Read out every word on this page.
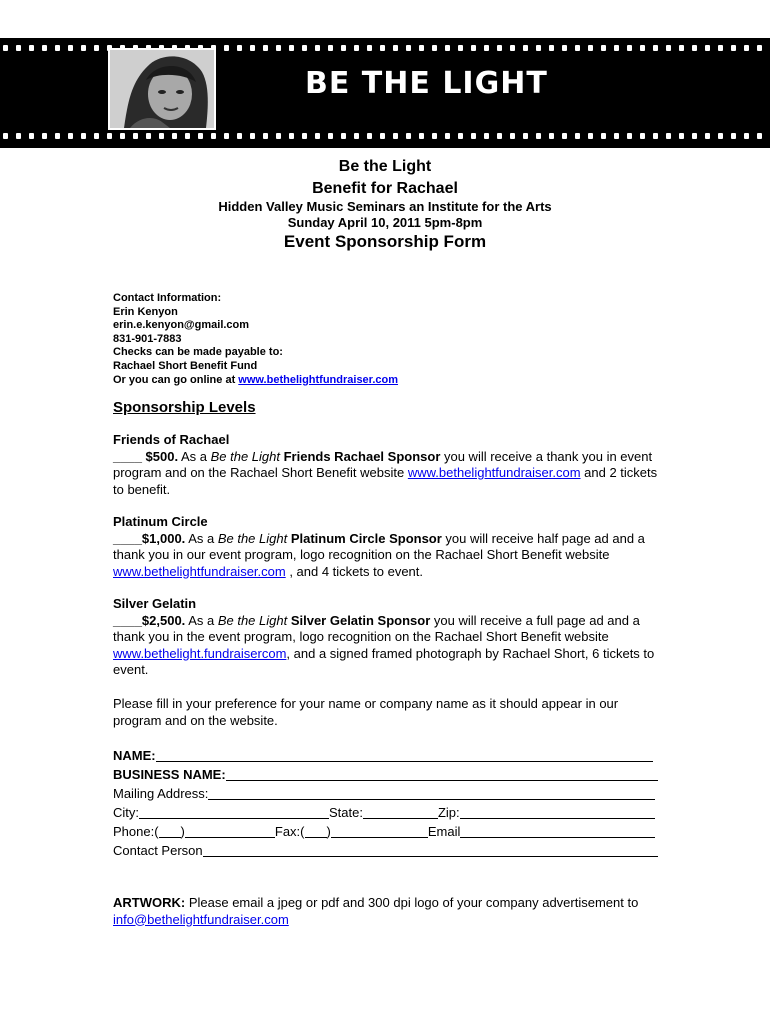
BE THE LIGHT
Be the Light
Benefit for Rachael
Hidden Valley Music Seminars an Institute for the Arts
Sunday April 10, 2011 5pm-8pm
Event Sponsorship Form
Contact Information:
Erin Kenyon
erin.e.kenyon@gmail.com
831-901-7883
Checks can be made payable to:
Rachael Short Benefit Fund
Or you can go online at www.bethelightfundraiser.com
Sponsorship Levels
Friends of Rachael
____ $500. As a Be the Light Friends Rachael Sponsor you will receive a thank you in event program and on the Rachael Short Benefit website www.bethelightfundraiser.com and 2 tickets to benefit.
Platinum Circle
____$1,000. As a Be the Light Platinum Circle Sponsor you will receive half page ad and a thank you in our event program, logo recognition on the Rachael Short Benefit website www.bethelightfundraiser.com , and 4 tickets to event.
Silver Gelatin
____$2,500. As a Be the Light Silver Gelatin Sponsor you will receive a full page ad and a thank you in the event program, logo recognition on the Rachael Short Benefit website www.bethelight.fundraisercom, and a signed framed photograph by Rachael Short, 6 tickets to event.
Please fill in your preference for your name or company name as it should appear in our program and on the website.
NAME:
BUSINESS NAME:
Mailing Address:
City:	State:	Zip:
Phone:( )	Fax:( )	Email
Contact Person
ARTWORK: Please email a jpeg or pdf and 300 dpi logo of your company advertisement to info@bethelightfundraiser.com
